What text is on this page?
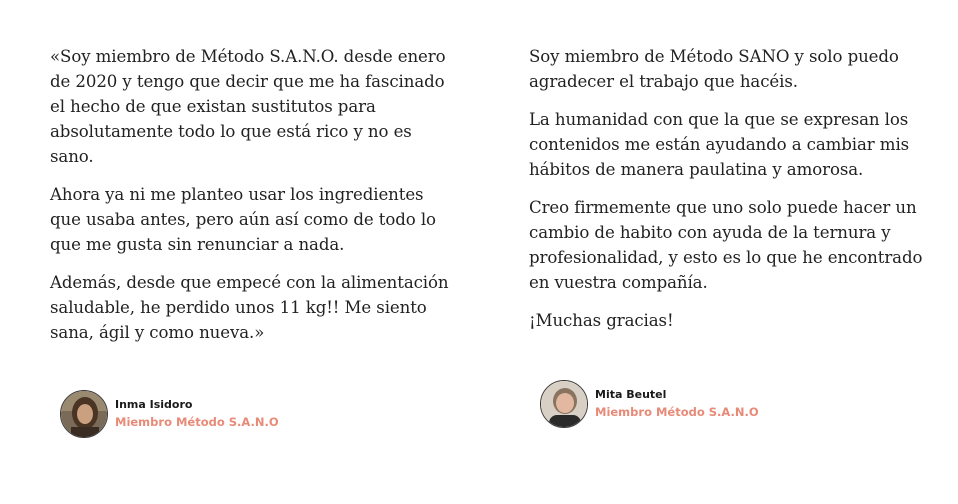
«Soy miembro de Método S.A.N.O. desde enero de 2020 y tengo que decir que me ha fascinado el hecho de que existan sustitutos para absolutamente todo lo que está rico y no es sano.

Ahora ya ni me planteo usar los ingredientes que usaba antes, pero aún así como de todo lo que me gusta sin renunciar a nada.

Además, desde que empecé con la alimentación saludable, he perdido unos 11 kg!! Me siento sana, ágil y como nueva.»

Inma Isidoro
Miembro Método S.A.N.O

Soy miembro de Método SANO y solo puedo agradecer el trabajo que hacéis.

La humanidad con que la que se expresan los contenidos me están ayudando a cambiar mis hábitos de manera paulatina y amorosa.

Creo firmemente que uno solo puede hacer un cambio de habito con ayuda de la ternura y profesionalidad, y esto es lo que he encontrado en vuestra compañía.

¡Muchas gracias!

Mita Beutel
Miembro Método S.A.N.O
